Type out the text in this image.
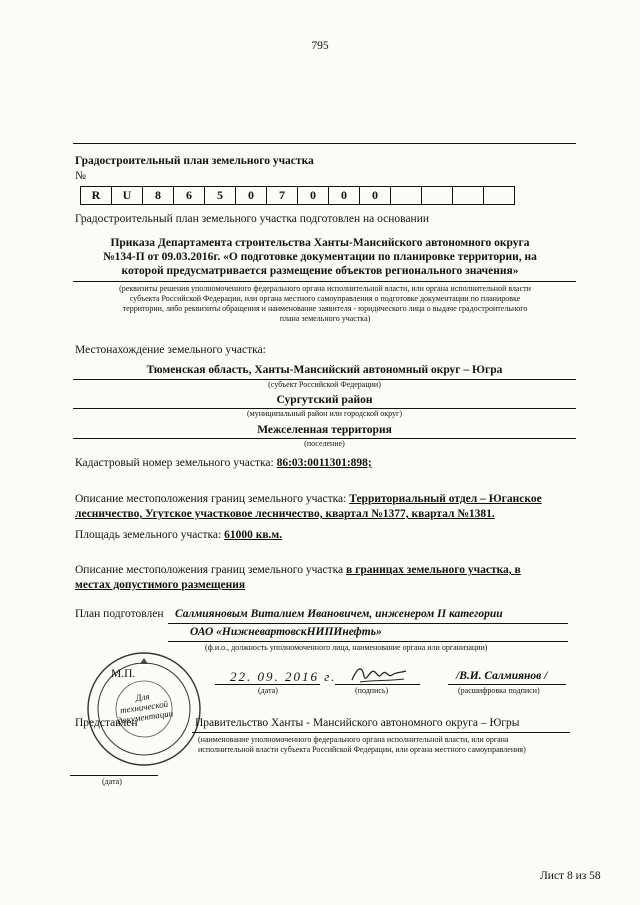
795
Градостроительный план земельного участка
№
R	U	8	6	5	0	7	0	0	0				
Градостроительный план земельного участка подготовлен на основании
Приказа Департамента строительства Ханты-Мансийского автономного округа
№134-П от 09.03.2016г. «О подготовке документации по планировке территории, на
которой предусматривается размещение объектов регионального значения»
(реквизиты решения уполномоченного федерального органа исполнительной власти, или органа исполнительной власти
субъекта Российской Федерации, или органа местного самоуправления о подготовке документации по планировке
территории, либо реквизиты обращения и наименование заявителя - юридического лица о выдаче градостроительного
плана земельного участка)
Местонахождение земельного участка:
Тюменская область, Ханты-Мансийский автономный округ – Югра
(субъект Российской Федерации)
Сургутский район
(муниципальный район или городской округ)
Межселенная территория
(поселение)
Кадастровый номер земельного участка: 86:03:0011301:898;
Описание местоположения границ земельного участка: Территориальный отдел – Юганское
лесничество, Угутское участковое лесничество, квартал №1377, квартал №1381.
Площадь земельного участка: 61000 кв.м.
Описание местоположения границ земельного участка в границах земельного участка, в
местах допустимого размещения
План подготовлен Салмияновым Виталием Ивановичем, инженером II категории
ОАО «НижневартовскНИПИнефть»
(ф.и.о., должность уполномоченного лица, наименование органа или организации)
М.П.
Для технической документации
22. 09. 2016 г.
(дата)	(подпись)
/В.И. Салмиянов /
(расшифровка подписи)
Представлен	Правительство Ханты - Мансийского автономного округа – Югры
(наименование уполномоченного федерального органа исполнительной власти, или органа
исполнительной власти субъекта Российской Федерации, или органа местного самоуправления)
(дата)
Лист 8 из 58
